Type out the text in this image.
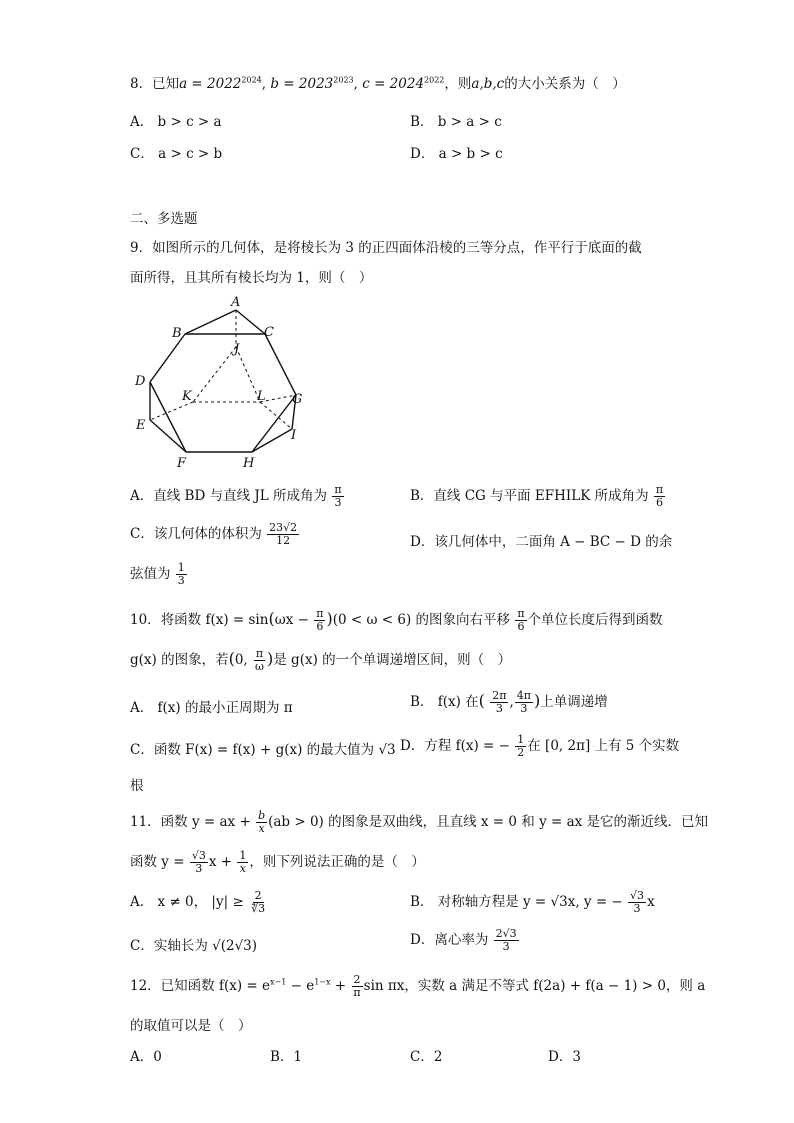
8．已知$a = 2022^{2024}$, $b = 2023^{2023}$, $c = 2024^{2022}$，则a,b,c的大小关系为（　）
A． b > c > a	B． b > a > c
C． a > c > b	D． a > b > c
二、多选题
9．如图所示的几何体，是将棱长为 3 的正四面体沿棱的三等分点，作平行于底面的截
面所得，且其所有棱长均为 1，则（　）
A
B	C
J
D
K	L G
E
I
F	H
A．直线 BD 与直线 JL 所成角为 $\frac{\pi}{3}$	B．直线 CG 与平面 EFHILK 所成角为 $\frac{\pi}{6}$
C．该几何体的体积为 $\frac{23√2}{12}$	D．该几何体中，二面角 A − BC − D 的余
弦值为 $\frac{1}{3}$
10．将函数 $f(x) = \sin(\omega x - \frac{\pi}{6} )(0 < \omega < 6)$ 的图象向右平移 $\frac{\pi}{6}$ 个单位长度后得到函数
g(x) 的图象，若(0, $\frac{\pi}{\omega}$ )是 g(x) 的一个单调递增区间，则（　）
A． f(x) 的最小正周期为 π	B． f(x) 在( $\frac{2\pi}{3}$ , $\frac{4\pi}{3}$ )上单调递增
C．函数 F(x) = f(x) + g(x) 的最大值为 √3 D．方程 f(x) = − $\frac{1}{2}$ 在 [0, 2π] 上有 5 个实数
根
11．函数 y = ax + $\frac{b}{x} (ab > 0)$ 的图象是双曲线，且直线 x = 0 和 y = ax 是它的渐近线．已知
函数 $y = \frac{√3}{3}$ $x + \frac{1}{x}$ ，则下列说法正确的是（　）
A． x ≠ 0， $|y| \ge \frac{2}{∜3}$	B． 对称轴方程是 y = √3x, y = − $\frac{√3}{3}$ x
C．实轴长为 √(2√3)	D．离心率为 $\frac{2√3}{3}$
12．已知函数 $f(x) = e^{x-1} - e^{1-x} + \frac{2}{\pi}$ sin πx，实数 a 满足不等式 f(2a) + f(a − 1) > 0，则 a
的取值可以是（　）
A．0	B．1	C．2	D．3
